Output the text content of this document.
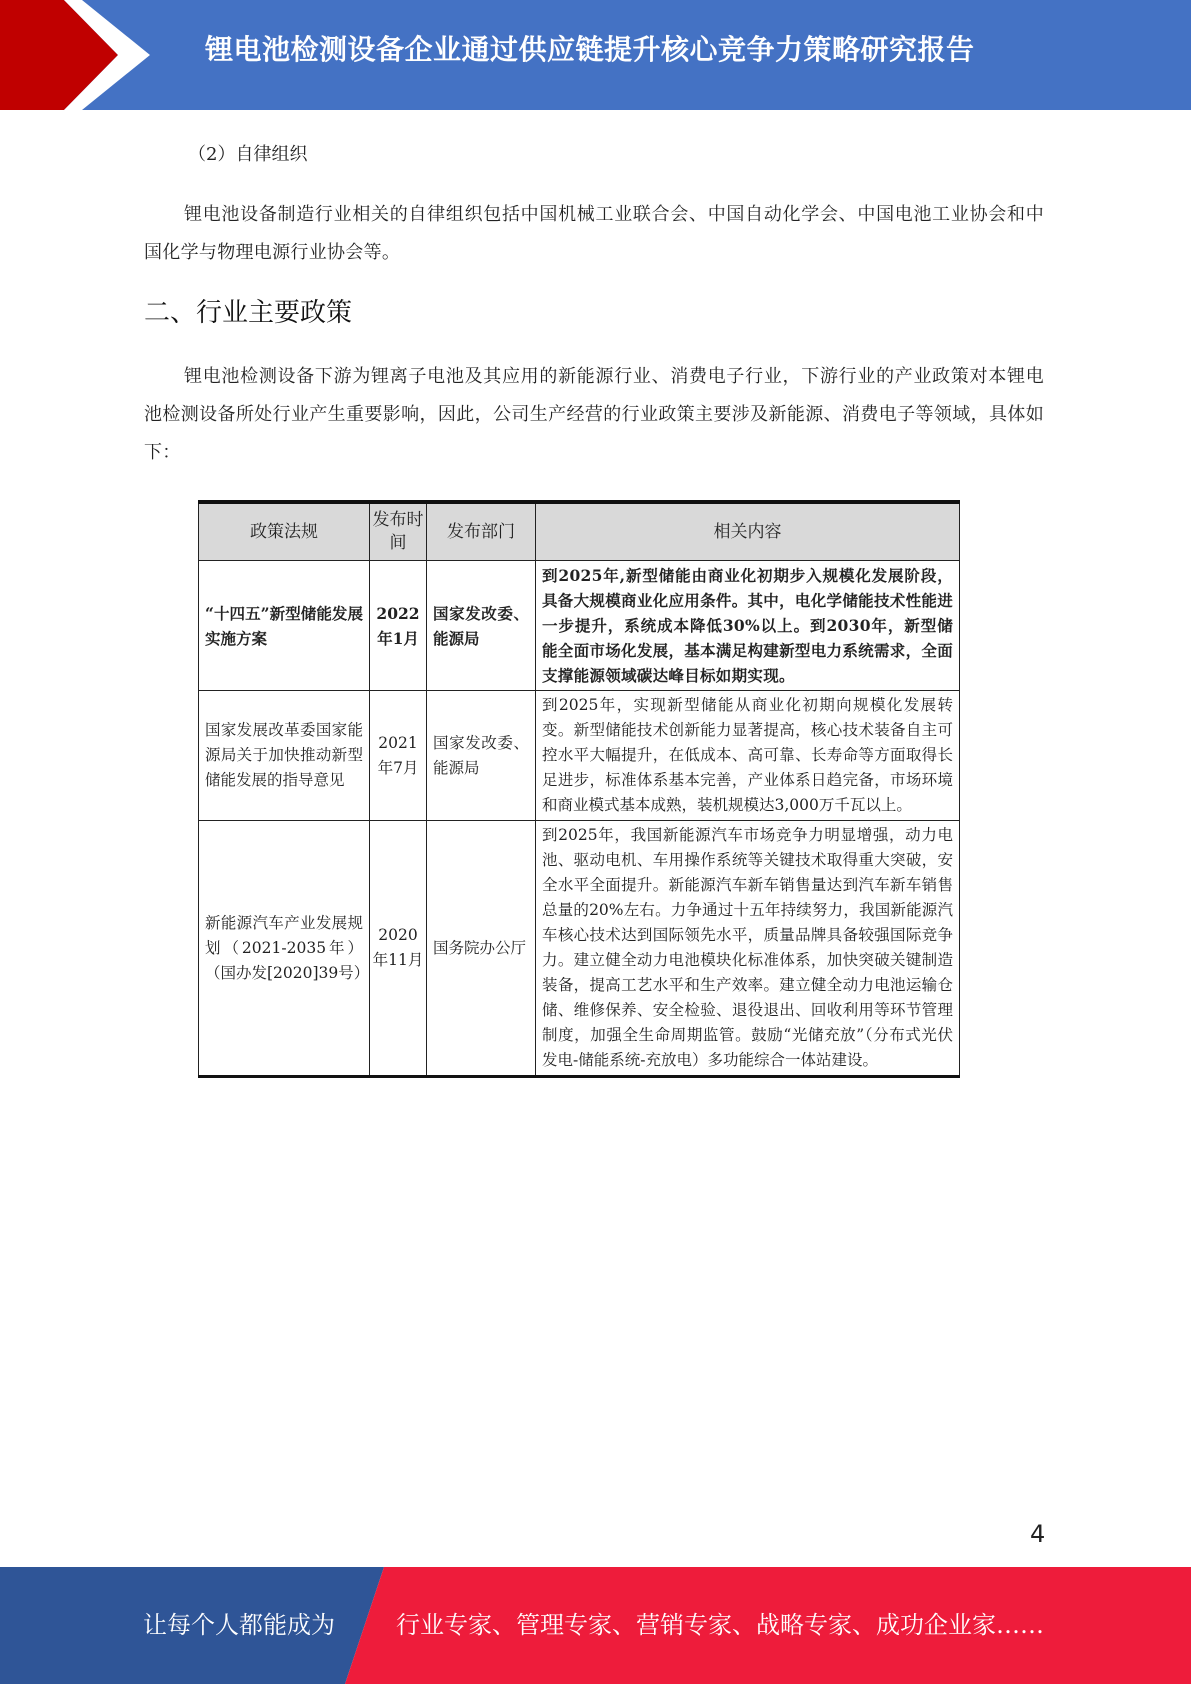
锂电池检测设备企业通过供应链提升核心竞争力策略研究报告
（2）自律组织
锂电池设备制造行业相关的自律组织包括中国机械工业联合会、中国自动化学会、中国电池工业协会和中国化学与物理电源行业协会等。
二、行业主要政策
锂电池检测设备下游为锂离子电池及其应用的新能源行业、消费电子行业，下游行业的产业政策对本锂电池检测设备所处行业产生重要影响，因此，公司生产经营的行业政策主要涉及新能源、消费电子等领域，具体如下：
政策法规	发布时间	发布部门	相关内容
“十四五”新型储能发展实施方案	2022年1月	国家发改委、能源局	到2025年,新型储能由商业化初期步入规模化发展阶段，具备大规模商业化应用条件。其中，电化学储能技术性能进一步提升，系统成本降低30%以上。到2030年，新型储能全面市场化发展，基本满足构建新型电力系统需求，全面支撑能源领域碳达峰目标如期实现。
国家发展改革委国家能源局关于加快推动新型储能发展的指导意见	2021年7月	国家发改委、能源局	到2025年，实现新型储能从商业化初期向规模化发展转变。新型储能技术创新能力显著提高，核心技术装备自主可控水平大幅提升，在低成本、高可靠、长寿命等方面取得长足进步，标准体系基本完善，产业体系日趋完备，市场环境和商业模式基本成熟，装机规模达3,000万千瓦以上。
新能源汽车产业发展规划（2021-2035年）（国办发[2020]39号）	2020年11月	国务院办公厅	到2025年，我国新能源汽车市场竞争力明显增强，动力电池、驱动电机、车用操作系统等关键技术取得重大突破，安全水平全面提升。新能源汽车新车销售量达到汽车新车销售总量的20%左右。力争通过十五年持续努力，我国新能源汽车核心技术达到国际领先水平，质量品牌具备较强国际竞争力。建立健全动力电池模块化标准体系，加快突破关键制造装备，提高工艺水平和生产效率。建立健全动力电池运输仓储、维修保养、安全检验、退役退出、回收利用等环节管理制度，加强全生命周期监管。鼓励“光储充放”（分布式光伏发电-储能系统-充放电）多功能综合一体站建设。
4
让每个人都能成为	行业专家、管理专家、营销专家、战略专家、成功企业家……
